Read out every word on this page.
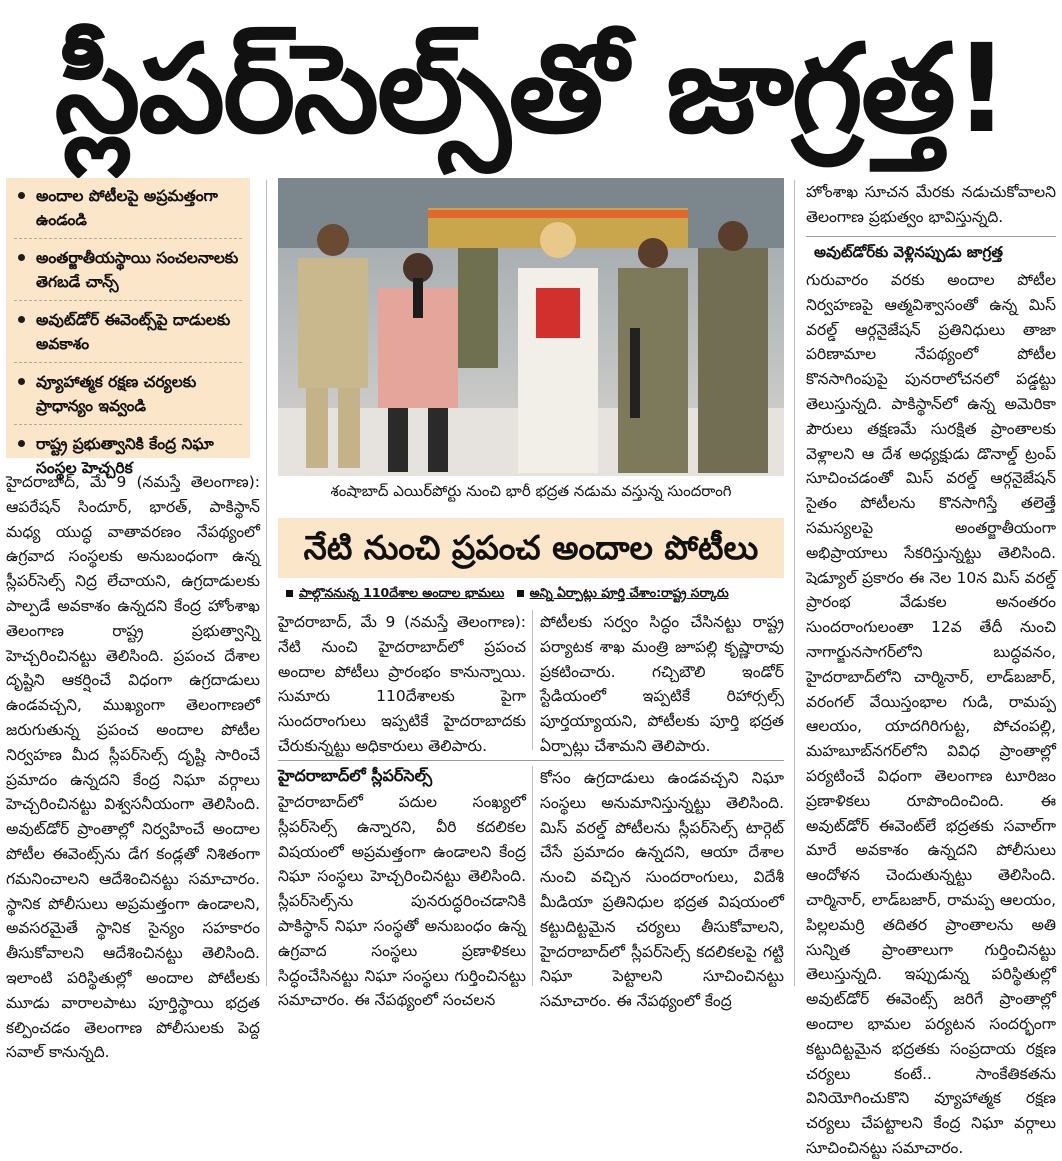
స్లీపర్‌సెల్స్‌తో జాగ్రత్త!
అందాల పోటీలపై అప్రమత్తంగా ఉండండి
అంతర్జాతీయస్థాయి సంచలనాలకు తెగబడే చాన్స్‌
అవుట్‌డోర్‌ ఈవెంట్స్‌పై దాడులకు అవకాశం
వ్యూహాత్మక రక్షణ చర్యలకు ప్రాధాన్యం ఇవ్వండి
రాష్ట్ర ప్రభుత్వానికి కేంద్ర నిఘా సంస్థల హెచ్చరిక

హైదరాబాద్‌, మే 9 (నమస్తే తెలంగాణ): ఆపరేషన్‌ సిందూర్‌, భారత్‌, పాకిస్థాన్‌ మధ్య యుద్ధ వాతావరణం నేపథ్యంలో ఉగ్రవాద సంస్థలకు అనుబంధంగా ఉన్న స్లీపర్‌సెల్స్‌ నిద్ర లేచాయని, ఉగ్రదాడులకు పాల్పడే అవకాశం ఉన్నదని కేంద్ర హోంశాఖ తెలంగాణ రాష్ట్ర ప్రభుత్వాన్ని హెచ్చరించినట్టు తెలిసింది. ప్రపంచ దేశాల దృష్టిని ఆకర్షించే విధంగా ఉగ్రదాడులు ఉండవచ్చని, ముఖ్యంగా తెలంగాణలో జరుగుతున్న ప్రపంచ అందాల పోటీల నిర్వహణ మీద స్లీపర్‌సెల్స్‌ దృష్టి సారించే ప్రమాదం ఉన్నదని కేంద్ర నిఘా వర్గాలు హెచ్చరించినట్టు విశ్వసనీయంగా తెలిసింది. అవుట్‌డోర్‌ ప్రాంతాల్లో నిర్వహించే అందాల పోటీల ఈవెంట్స్‌ను డేగ కండ్లతో నిశితంగా గమనించాలని ఆదేశించినట్టు సమాచారం. స్థానిక పోలీసులు అప్రమత్తంగా ఉండాలని, అవసరమైతే స్థానిక సైన్యం సహకారం తీసుకోవాలని ఆదేశించినట్టు తెలిసింది. ఇలాంటి పరిస్థితుల్లో అందాల పోటీలకు మూడు వారాలపాటు పూర్తిస్థాయి భద్రత కల్పించడం తెలంగాణ పోలీసులకు పెద్ద సవాల్‌ కానున్నది.

శంషాబాద్‌ ఎయిర్‌పోర్టు నుంచి భారీ భద్రత నడుమ వస్తున్న సుందరాంగి
నేటి నుంచి ప్రపంచ అందాల పోటీలు
పాల్గొననున్న 110దేశాల అందాల భామలు అన్ని ఏర్పాట్లు పూర్తి చేశాం:రాష్ట్ర సర్కారు

హైదరాబాద్‌, మే 9 (నమస్తే తెలంగాణ): నేటి నుంచి హైదరాబాద్‌లో ప్రపంచ అందాల పోటీలు ప్రారంభం కానున్నాయి. సుమారు 110దేశాలకు పైగా సుందరాంగులు ఇప్పటికే హైదరాబాదకు చేరుకున్నట్టు అధికారులు తెలిపారు.

పోటీలకు సర్వం సిద్ధం చేసినట్టు రాష్ట్ర పర్యాటక శాఖ మంత్రి జూపల్లి కృష్ణారావు ప్రకటించారు. గచ్చిబౌలి ఇండోర్‌ స్టేడియంలో ఇప్పటికే రిహార్సల్స్‌ పూర్తయ్యాయని, పోటీలకు పూర్తి భద్రత ఏర్పాట్లు చేశామని తెలిపారు.

హైదరాబాద్‌లో స్లీపర్‌సెల్స్‌

హైదరాబాద్‌లో పదుల సంఖ్యలో స్లీపర్‌సెల్స్‌ ఉన్నారని, వీరి కదలికల విషయంలో అప్రమత్తంగా ఉండాలని కేంద్ర నిఘా సంస్థలు హెచ్చరించినట్టు తెలిసింది. స్లీపర్‌సెల్స్‌ను పునరుద్ధరించడానికి పాకిస్థాన్‌ నిఘా సంస్థతో అనుబంధం ఉన్న ఉగ్రవాద సంస్థలు ప్రణాళికలు సిద్ధంచేసినట్టు నిఘా సంస్థలు గుర్తించినట్టు సమాచారం. ఈ నేపథ్యంలో సంచలన

కోసం ఉగ్రదాడులు ఉండవచ్చని నిఘా సంస్థలు అనుమానిస్తున్నట్టు తెలిసింది. మిస్‌ వరల్డ్‌ పోటీలను స్లీపర్‌సెల్స్‌ టార్గెట్‌ చేసే ప్రమాదం ఉన్నదని, ఆయా దేశాల నుంచి వచ్చిన సుందరాంగులు, విదేశీ మీడియా ప్రతినిధుల భద్రత విషయంలో కట్టుదిట్టమైన చర్యలు తీసుకోవాలని, హైదరాబాద్‌లో స్లీపర్‌సెల్స్‌ కదలికలపై గట్టి నిఘా పెట్టాలని సూచించినట్టు సమాచారం. ఈ నేపథ్యంలో కేంద్ర

హోంశాఖ సూచన మేరకు నడుచుకోవాలని తెలంగాణ ప్రభుత్వం భావిస్తున్నది.

అవుట్‌డోర్‌కు వెళ్లినప్పుడు జాగ్రత్త

గురువారం వరకు అందాల పోటీల నిర్వహణపై ఆత్మవిశ్వాసంతో ఉన్న మిస్‌ వరల్డ్‌ ఆర్గనైజేషన్‌ ప్రతినిధులు తాజా పరిణామాల నేపథ్యంలో పోటీల కొనసాగింపుపై పునరాలోచనలో పడ్డట్టు తెలుస్తున్నది. పాకిస్థాన్‌లో ఉన్న అమెరికా పౌరులు తక్షణమే సురక్షిత ప్రాంతాలకు వెళ్లాలని ఆ దేశ అధ్యక్షుడు డొనాల్డ్‌ ట్రంప్‌ సూచించడంతో మిస్‌ వరల్డ్‌ ఆర్గనైజేషన్‌ సైతం పోటీలను కొనసాగిస్తే తలెత్తే సమస్యలపై అంతర్జాతీయంగా అభిప్రాయాలు సేకరిస్తున్నట్టు తెలిసింది. షెడ్యూల్‌ ప్రకారం ఈ నెల 10న మిస్‌ వరల్డ్‌ ప్రారంభ వేడుకల అనంతరం సుందరాంగులంతా 12వ తేదీ నుంచి నాగార్జునసాగర్‌లోని బుద్ధవనం, హైదరాబాద్‌లోని చార్మినార్‌, లాడ్‌బజార్‌, వరంగల్‌ వేయిస్తంభాల గుడి, రామప్ప ఆలయం, యాదగిరిగుట్ట, పోచంపల్లి, మహబూబ్‌నగర్‌లోని వివిధ ప్రాంతాల్లో పర్యటించే విధంగా తెలంగాణ టూరిజం ప్రణాళికలు రూపొందించింది. ఈ అవుట్‌డోర్‌ ఈవెంట్‌లే భద్రతకు సవాల్‌గా మారే అవకాశం ఉన్నదని పోలీసులు ఆందోళన చెందుతున్నట్టు తెలిసింది. చార్మినార్‌, లాడ్‌బజార్‌, రామప్ప ఆలయం, పిల్లలమర్రి తదితర ప్రాంతాలను అతి సున్నిత ప్రాంతాలుగా గుర్తించినట్టు తెలుస్తున్నది. ఇప్పుడున్న పరిస్థితుల్లో అవుట్‌డోర్‌ ఈవెంట్స్‌ జరిగే ప్రాంతాల్లో అందాల భామల పర్యటన సందర్భంగా కట్టుదిట్టమైన భద్రతకు సంప్రదాయ రక్షణ చర్యలు కంటే.. సాంకేతికతను వినియోగించుకొని వ్యూహాత్మక రక్షణ చర్యలు చేపట్టాలని కేంద్ర నిఘా వర్గాలు సూచించినట్టు సమాచారం.
